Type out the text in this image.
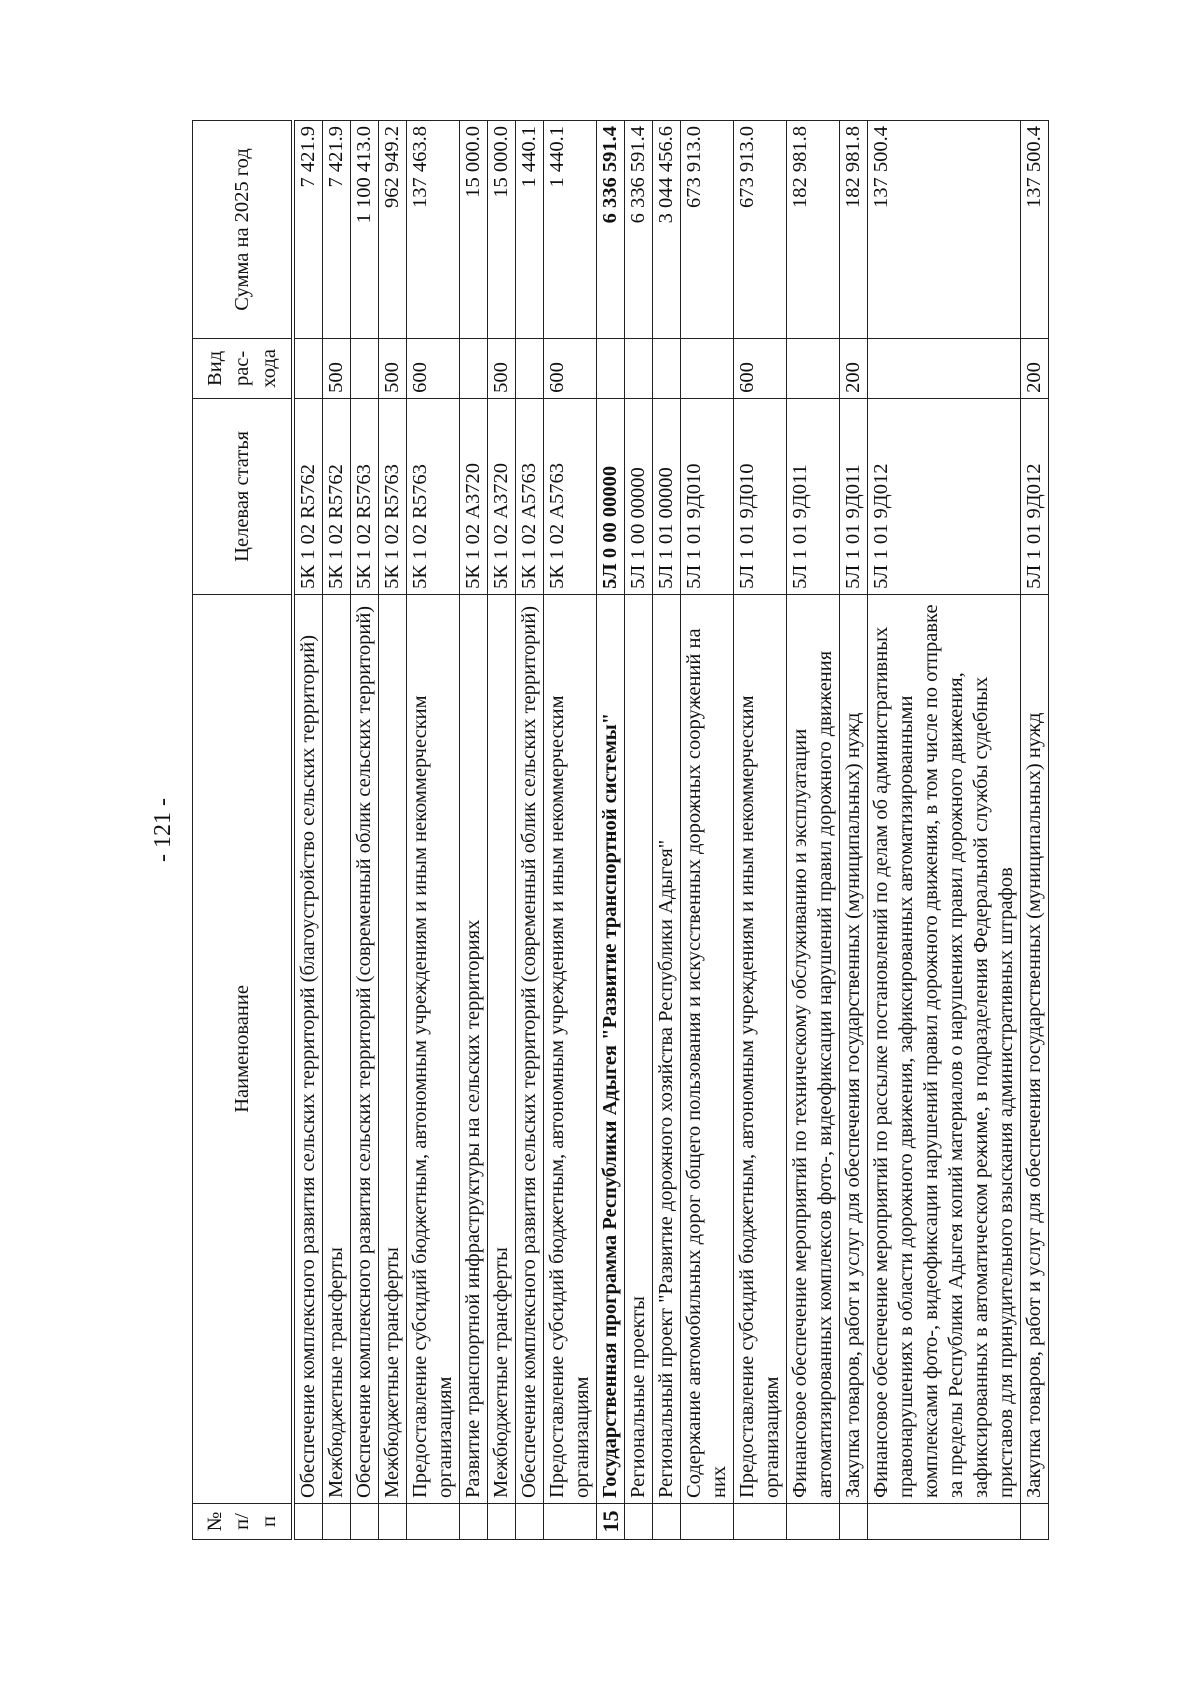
- 121 -
№ п/п	Наименование	Целевая статья	Вид рас-хода	Сумма на 2025 год
	Обеспечение комплексного развития сельских территорий (благоустройство сельских территорий)	5К 1 02 R5762		7 421.9
	Межбюджетные трансферты	5К 1 02 R5762	500	7 421.9
	Обеспечение комплексного развития сельских территорий (современный облик сельских территорий)	5К 1 02 R5763		1 100 413.0
	Межбюджетные трансферты	5К 1 02 R5763	500	962 949.2
	Предоставление субсидий бюджетным, автономным учреждениям и иным некоммерческим организациям	5К 1 02 R5763	600	137 463.8
	Развитие транспортной инфраструктуры на сельских территориях	5К 1 02 А3720		15 000.0
	Межбюджетные трансферты	5К 1 02 А3720	500	15 000.0
	Обеспечение комплексного развития сельских территорий (современный облик сельских территорий)	5К 1 02 А5763		1 440.1
	Предоставление субсидий бюджетным, автономным учреждениям и иным некоммерческим организациям	5К 1 02 А5763	600	1 440.1
15	Государственная программа Республики Адыгея "Развитие транспортной системы"	5Л 0 00 00000		6 336 591.4
	Региональные проекты	5Л 1 00 00000		6 336 591.4
	Региональный проект "Развитие дорожного хозяйства Республики Адыгея"	5Л 1 01 00000		3 044 456.6
	Содержание автомобильных дорог общего пользования и искусственных дорожных сооружений на них	5Л 1 01 9Д010		673 913.0
	Предоставление субсидий бюджетным, автономным учреждениям и иным некоммерческим организациям	5Л 1 01 9Д010	600	673 913.0
	Финансовое обеспечение мероприятий по техническому обслуживанию и эксплуатации автоматизированных комплексов фото-, видеофиксации нарушений правил дорожного движения	5Л 1 01 9Д011		182 981.8
	Закупка товаров, работ и услуг для обеспечения государственных (муниципальных) нужд	5Л 1 01 9Д011	200	182 981.8
	Финансовое обеспечение мероприятий по рассылке постановлений по делам об административных правонарушениях в области дорожного движения, зафиксированных автоматизированными комплексами фото-, видеофиксации нарушений правил дорожного движения, в том числе по отправке за пределы Республики Адыгея копий материалов о нарушениях правил дорожного движения, зафиксированных в автоматическом режиме, в подразделения Федеральной службы судебных приставов для принудительного взыскания административных штрафов	5Л 1 01 9Д012		137 500.4
	Закупка товаров, работ и услуг для обеспечения государственных (муниципальных) нужд	5Л 1 01 9Д012	200	137 500.4
